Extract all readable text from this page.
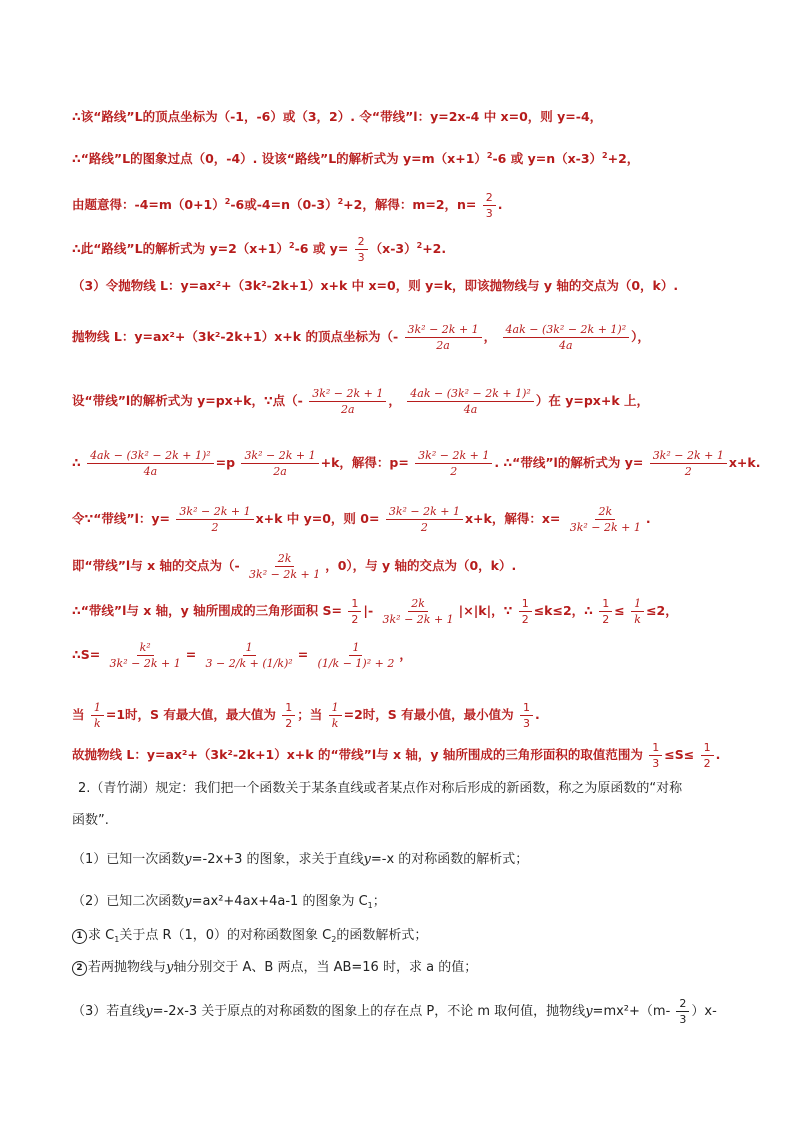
∴该“路线”L的顶点坐标为（-1，-6）或（3，2）. 令“带线”l：y=2x-4 中 x=0，则 y=-4，
∴“路线”L的图象过点（0，-4）. 设该“路线”L的解析式为 $y=m(x+1)^2-6$ 或 $y=n(x-3)^2+2$，
由题意得：$-4=m(0+1)^2-6$或$-4=n(0-3)^2+2$，解得：m=2，$n= \frac{2}{3}$ .
∴此“路线”L的解析式为 $y=2(x+1)^2-6$ 或 $y= \frac{2}{3} (x-3)^2+2$.
（3）令抛物线 L：y=ax²+（3k²-2k+1）x+k 中 x=0，则 y=k，即该抛物线与 y 轴的交点为（0，k）.
抛物线 L：y=ax²+（3k²-2k+1）x+k 的顶点坐标为（- $\frac{\text{3k² − 2k + 1}}{2a}$ ， $\frac{\text{4ak − (3k² − 2k + 1)²}}{4a}$ ），
设“带线”l的解析式为 y=px+k，∵点（- $\frac{\text{3k² − 2k + 1}}{2a}$ ， $\frac{\text{4ak − (3k² − 2k + 1)²}}{4a}$ ）在 y=px+k 上，
∴ $\frac{\text{4ak − (3k² − 2k + 1)²}}{4a} =p \frac{\text{3k² − 2k + 1}}{2a} +k$，解得：$p= \frac{\text{3k² − 2k + 1}}{2}$ . ∴“带线”l的解析式为 $y= \frac{\text{3k² − 2k + 1}}{2} x+k$.
令∵“带线”l：$y= \frac{\text{3k² − 2k + 1}}{2} x+k$ 中 y=0，则 $0= \frac{\text{3k² − 2k + 1}}{2} x+k$，解得：$x= \frac{2k}{\text{3k² − 2k + 1}}$ .
即“带线”l与 x 轴的交点为（- $\frac{2k}{\text{3k² − 2k + 1}}$ ，0），与 y 轴的交点为（0，k）.
∴“带线”l与 x 轴，y 轴所围成的三角形面积 $S= \frac{1}{2}$ |- $\frac{2k}{\text{3k² − 2k + 1}} |\times|k|$，∵ $\frac{1}{2} \le k\le 2$，∴ $\frac{1}{2} \le \frac{1}{k} \le 2$，
∴S= $\frac{\text{k²}}{\text{3k² − 2k + 1}} = \frac{1}{\text{3 − 2/k + (1/k)²}} = \frac{1}{\text{(1/k − 1)² + 2}}$ ，
当 $\frac{1}{k} =1$时，S 有最大值，最大值为 $\frac{1}{2}$ ；当 $\frac{1}{k} =2$时，S 有最小值，最小值为 $\frac{1}{3}$ .
故抛物线 L：y=ax²+（3k²-2k+1）x+k 的“带线”l与 x 轴，y 轴所围成的三角形面积的取值范围为 $\frac{1}{3} \le S\le \frac{1}{2}$ .
2.（青竹湖）规定：我们把一个函数关于某条直线或者某点作对称后形成的新函数，称之为原函数的“对称
函数”.
（1）已知一次函数y=-2x+3 的图象，求关于直线y=-x 的对称函数的解析式；
（2）已知二次函数y=ax²+4ax+4a-1 的图象为 $C_1$；
1 求 $C_1$关于点 R（1，0）的对称函数图象 $C_2$的函数解析式；
2 若两抛物线与y轴分别交于 A、B 两点，当 AB=16 时，求 a 的值；
（3）若直线y=-2x-3 关于原点的对称函数的图象上的存在点 P，不论 m 取何值，抛物线$y=mx^2+(m- \frac{2}{3} )x-$
